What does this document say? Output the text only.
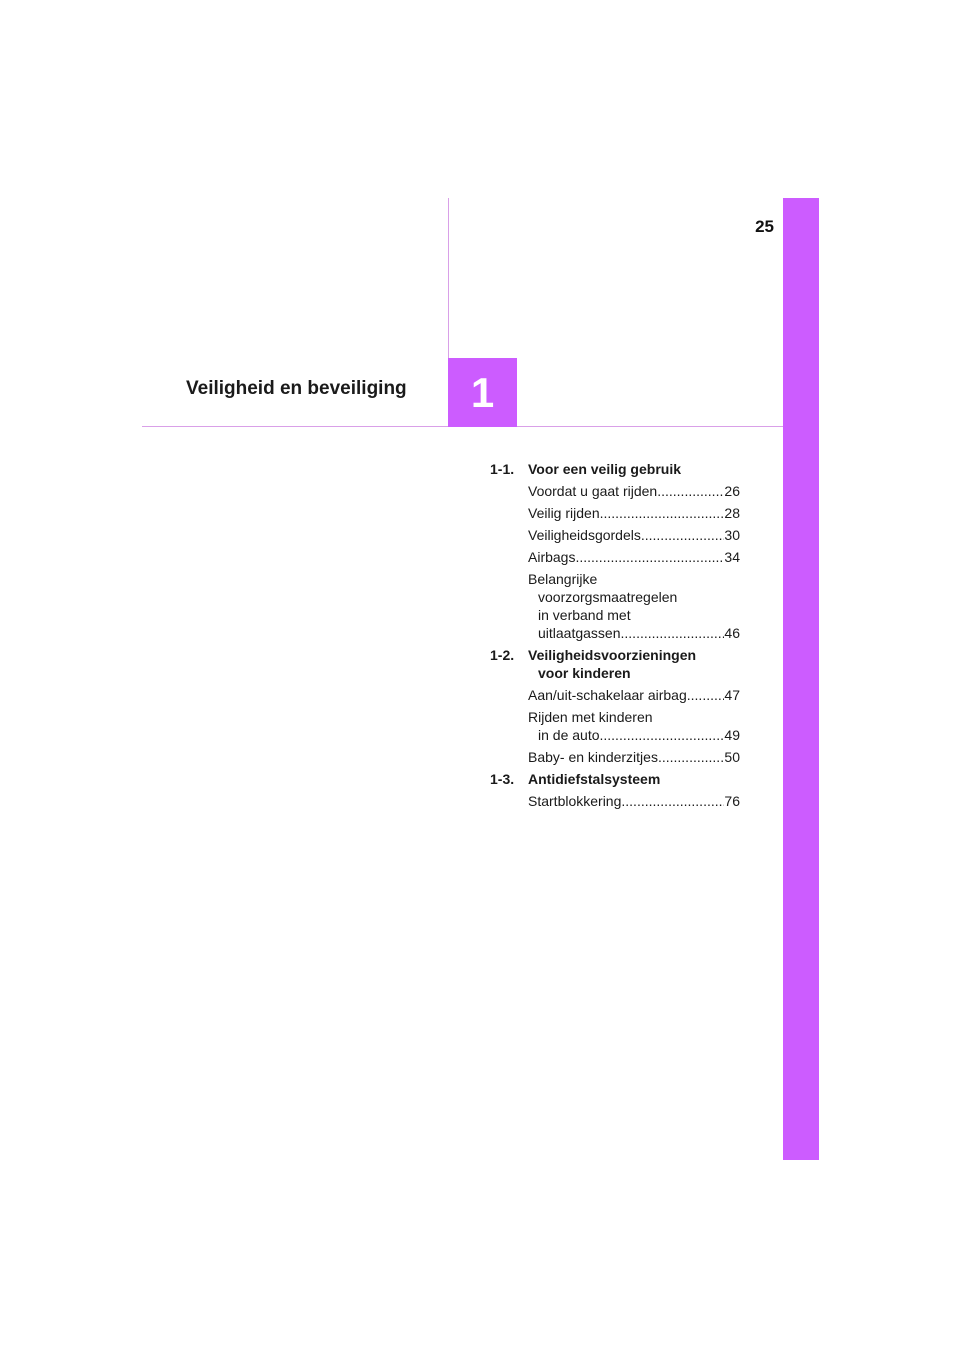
25
1
Veiligheid en beveiliging
1-1. Voor een veilig gebruik
Voordat u gaat rijden .....	26
Veilig rijden .....	28
Veiligheidsgordels .....	30
Airbags .....	34
Belangrijke
voorzorgsmaatregelen
in verband met
uitlaatgassen .....	46
1-2. Veiligheidsvoorzieningen
voor kinderen
Aan/uit-schakelaar airbag .....	47
Rijden met kinderen
in de auto .....	49
Baby- en kinderzitjes .....	50
1-3. Antidiefstalsysteem
Startblokkering .....	76
